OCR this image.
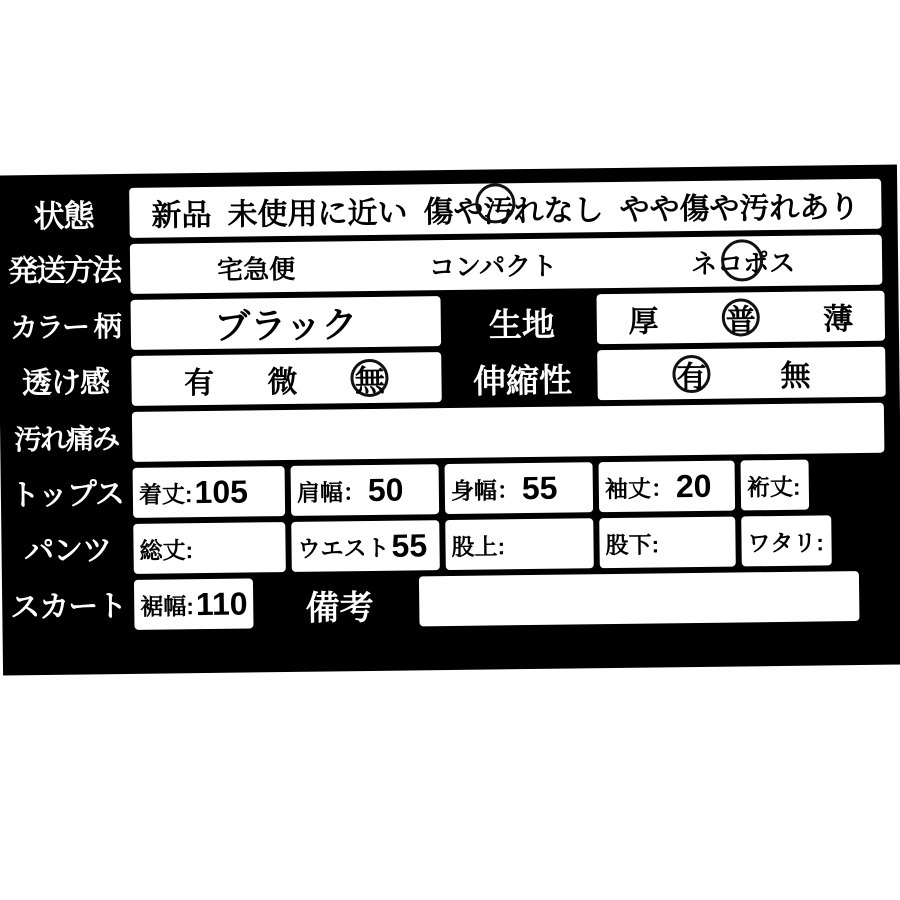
状態	新品 未使用に近い 傷や汚れなし やや傷や汚れあり
発送方法	宅急便	コンパクト	ネコポス
カラー 柄	ブラック	生地	厚 普 薄
透け感	有 微 無	伸縮性	有 無
汚れ痛み
トップス 着丈: 105 肩幅： 50 身幅： 55 袖丈： 20 裄丈:
パンツ	総丈:	ウエスト 55 股上:	股下:	ワタリ:
スカート 裾幅: 110	備考
